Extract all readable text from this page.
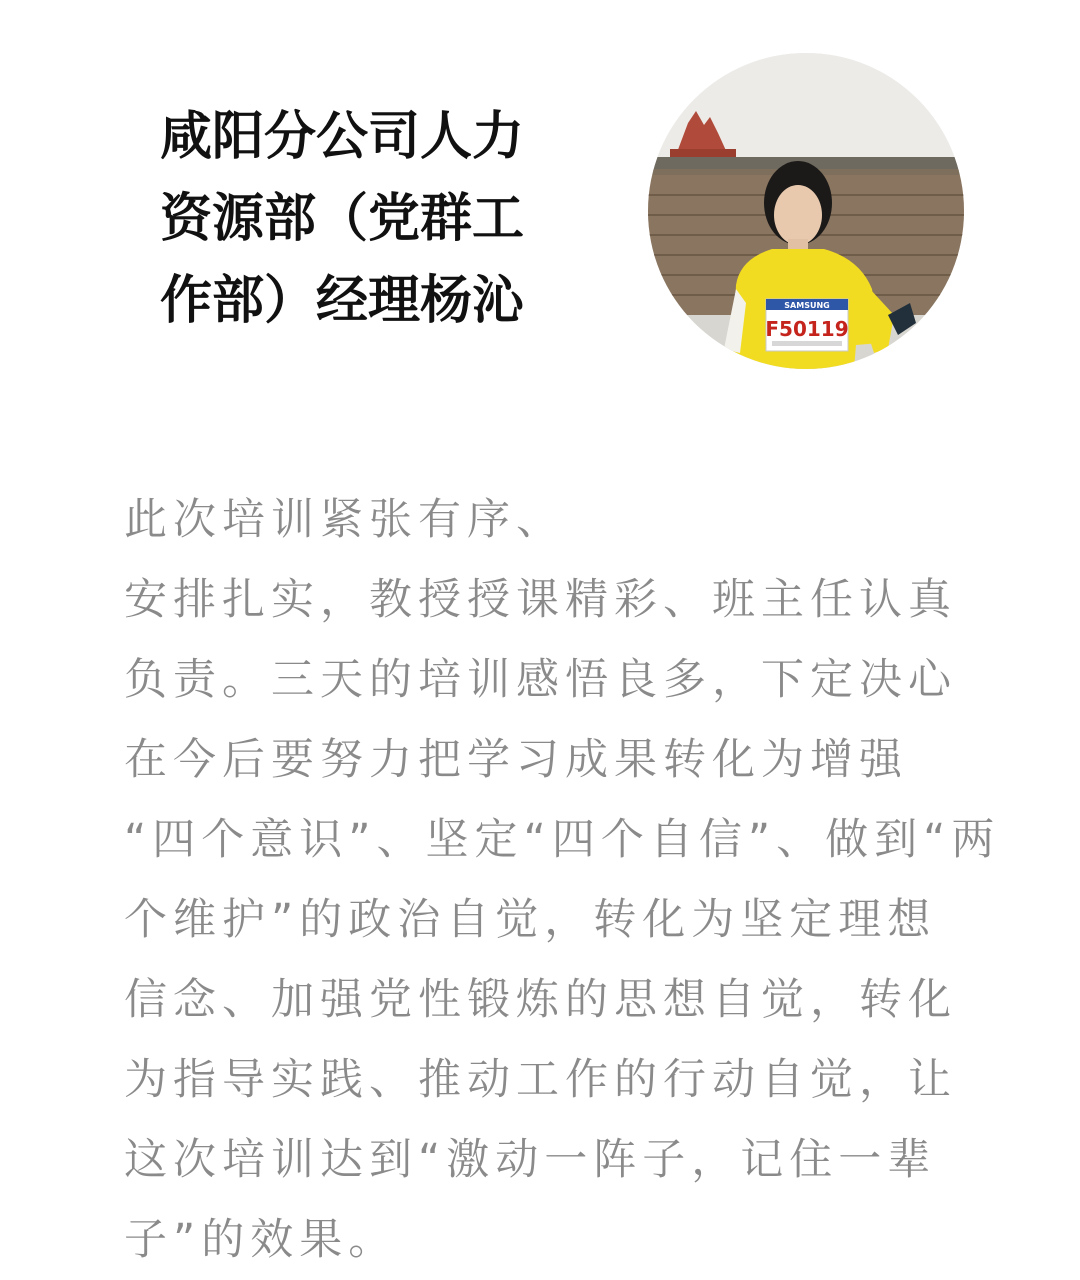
咸阳分公司人力
资源部（党群工
作部）经理杨沁	SAMSUNG
F50119
此次培训紧张有序、
安排扎实，教授授课精彩、班主任认真
负责。三天的培训感悟良多，下定决心
在今后要努力把学习成果转化为增强
“四个意识”、坚定“四个自信”、做到“两
个维护”的政治自觉，转化为坚定理想
信念、加强党性锻炼的思想自觉，转化
为指导实践、推动工作的行动自觉，让
这次培训达到“激动一阵子，记住一辈
子”的效果。
